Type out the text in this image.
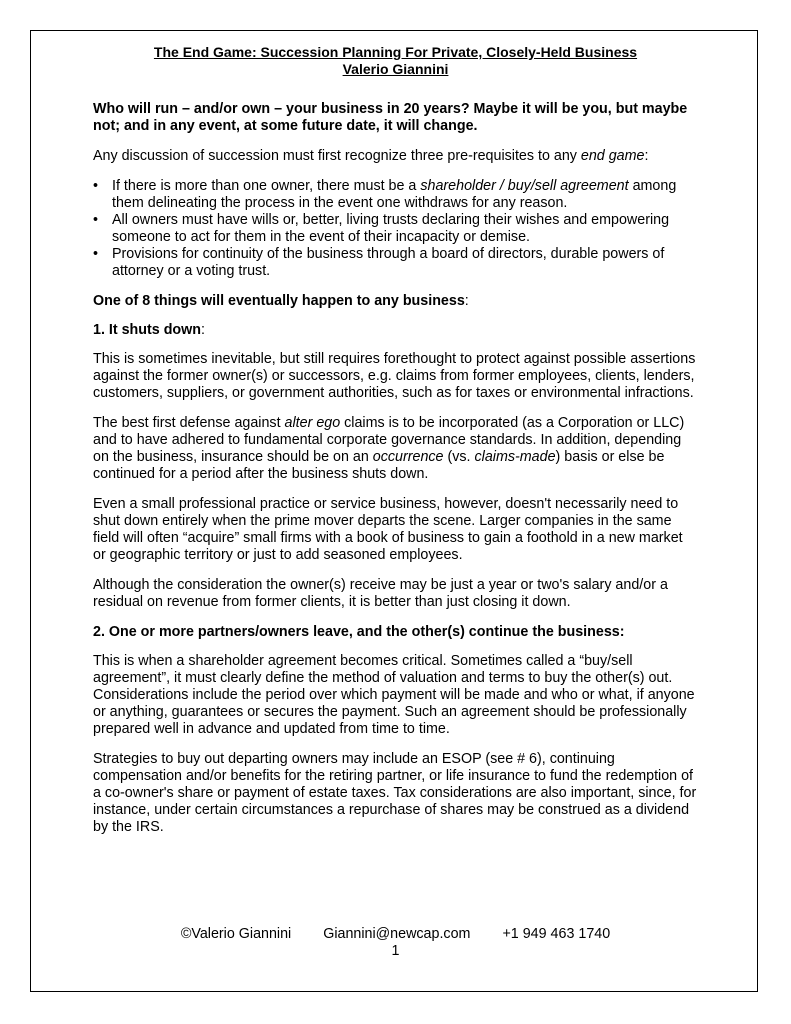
The End Game: Succession Planning For Private, Closely-Held Business
Valerio Giannini

Who will run – and/or own – your business in 20 years? Maybe it will be you, but maybe not; and in any event, at some future date, it will change.

Any discussion of succession must first recognize three pre-requisites to any end game:

• If there is more than one owner, there must be a shareholder / buy/sell agreement among them delineating the process in the event one withdraws for any reason.
• All owners must have wills or, better, living trusts declaring their wishes and empowering someone to act for them in the event of their incapacity or demise.
• Provisions for continuity of the business through a board of directors, durable powers of attorney or a voting trust.

One of 8 things will eventually happen to any business:

1. It shuts down:

This is sometimes inevitable, but still requires forethought to protect against possible assertions against the former owner(s) or successors, e.g. claims from former employees, clients, lenders, customers, suppliers, or government authorities, such as for taxes or environmental infractions.

The best first defense against alter ego claims is to be incorporated (as a Corporation or LLC) and to have adhered to fundamental corporate governance standards. In addition, depending on the business, insurance should be on an occurrence (vs. claims-made) basis or else be continued for a period after the business shuts down.

Even a small professional practice or service business, however, doesn't necessarily need to shut down entirely when the prime mover departs the scene. Larger companies in the same field will often “acquire” small firms with a book of business to gain a foothold in a new market or geographic territory or just to add seasoned employees.

Although the consideration the owner(s) receive may be just a year or two's salary and/or a residual on revenue from former clients, it is better than just closing it down.

2. One or more partners/owners leave, and the other(s) continue the business:

This is when a shareholder agreement becomes critical. Sometimes called a “buy/sell agreement”, it must clearly define the method of valuation and terms to buy the other(s) out. Considerations include the period over which payment will be made and who or what, if anyone or anything, guarantees or secures the payment. Such an agreement should be professionally prepared well in advance and updated from time to time.

Strategies to buy out departing owners may include an ESOP (see # 6), continuing compensation and/or benefits for the retiring partner, or life insurance to fund the redemption of a co-owner's share or payment of estate taxes. Tax considerations are also important, since, for instance, under certain circumstances a repurchase of shares may be construed as a dividend by the IRS.

©Valerio Giannini Giannini@newcap.com +1 949 463 1740
1
